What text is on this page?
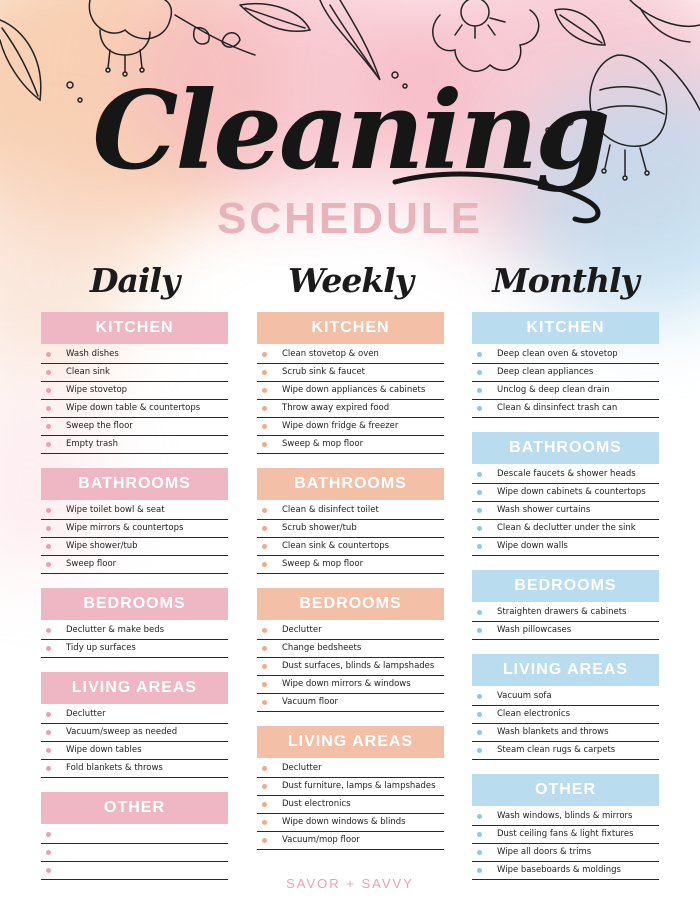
Cleaning
SCHEDULE
Daily
KITCHEN
Wash dishes
Clean sink
Wipe stovetop
Wipe down table & countertops
Sweep the floor
Empty trash
BATHROOMS
Wipe toilet bowl & seat
Wipe mirrors & countertops
Wipe shower/tub
Sweep floor
BEDROOMS
Declutter & make beds
Tidy up surfaces
LIVING AREAS
Declutter
Vacuum/sweep as needed
Wipe down tables
Fold blankets & throws
OTHER
Weekly
KITCHEN
Clean stovetop & oven
Scrub sink & faucet
Wipe down appliances & cabinets
Throw away expired food
Wipe down fridge & freezer
Sweep & mop floor
BATHROOMS
Clean & disinfect toilet
Scrub shower/tub
Clean sink & countertops
Sweep & mop floor
BEDROOMS
Declutter
Change bedsheets
Dust surfaces, blinds & lampshades
Wipe down mirrors & windows
Vacuum floor
LIVING AREAS
Declutter
Dust furniture, lamps & lampshades
Dust electronics
Wipe down windows & blinds
Vacuum/mop floor
Monthly
KITCHEN
Deep clean oven & stovetop
Deep clean appliances
Unclog & deep clean drain
Clean & dinsinfect trash can
BATHROOMS
Descale faucets & shower heads
Wipe down cabinets & countertops
Wash shower curtains
Clean & declutter under the sink
Wipe down walls
BEDROOMS
Straighten drawers & cabinets
Wash pillowcases
LIVING AREAS
Vacuum sofa
Clean electronics
Wash blankets and throws
Steam clean rugs & carpets
OTHER
Wash windows, blinds & mirrors
Dust ceiling fans & light fixtures
Wipe all doors & trims
Wipe baseboards & moldings
SAVOR + SAVVY
